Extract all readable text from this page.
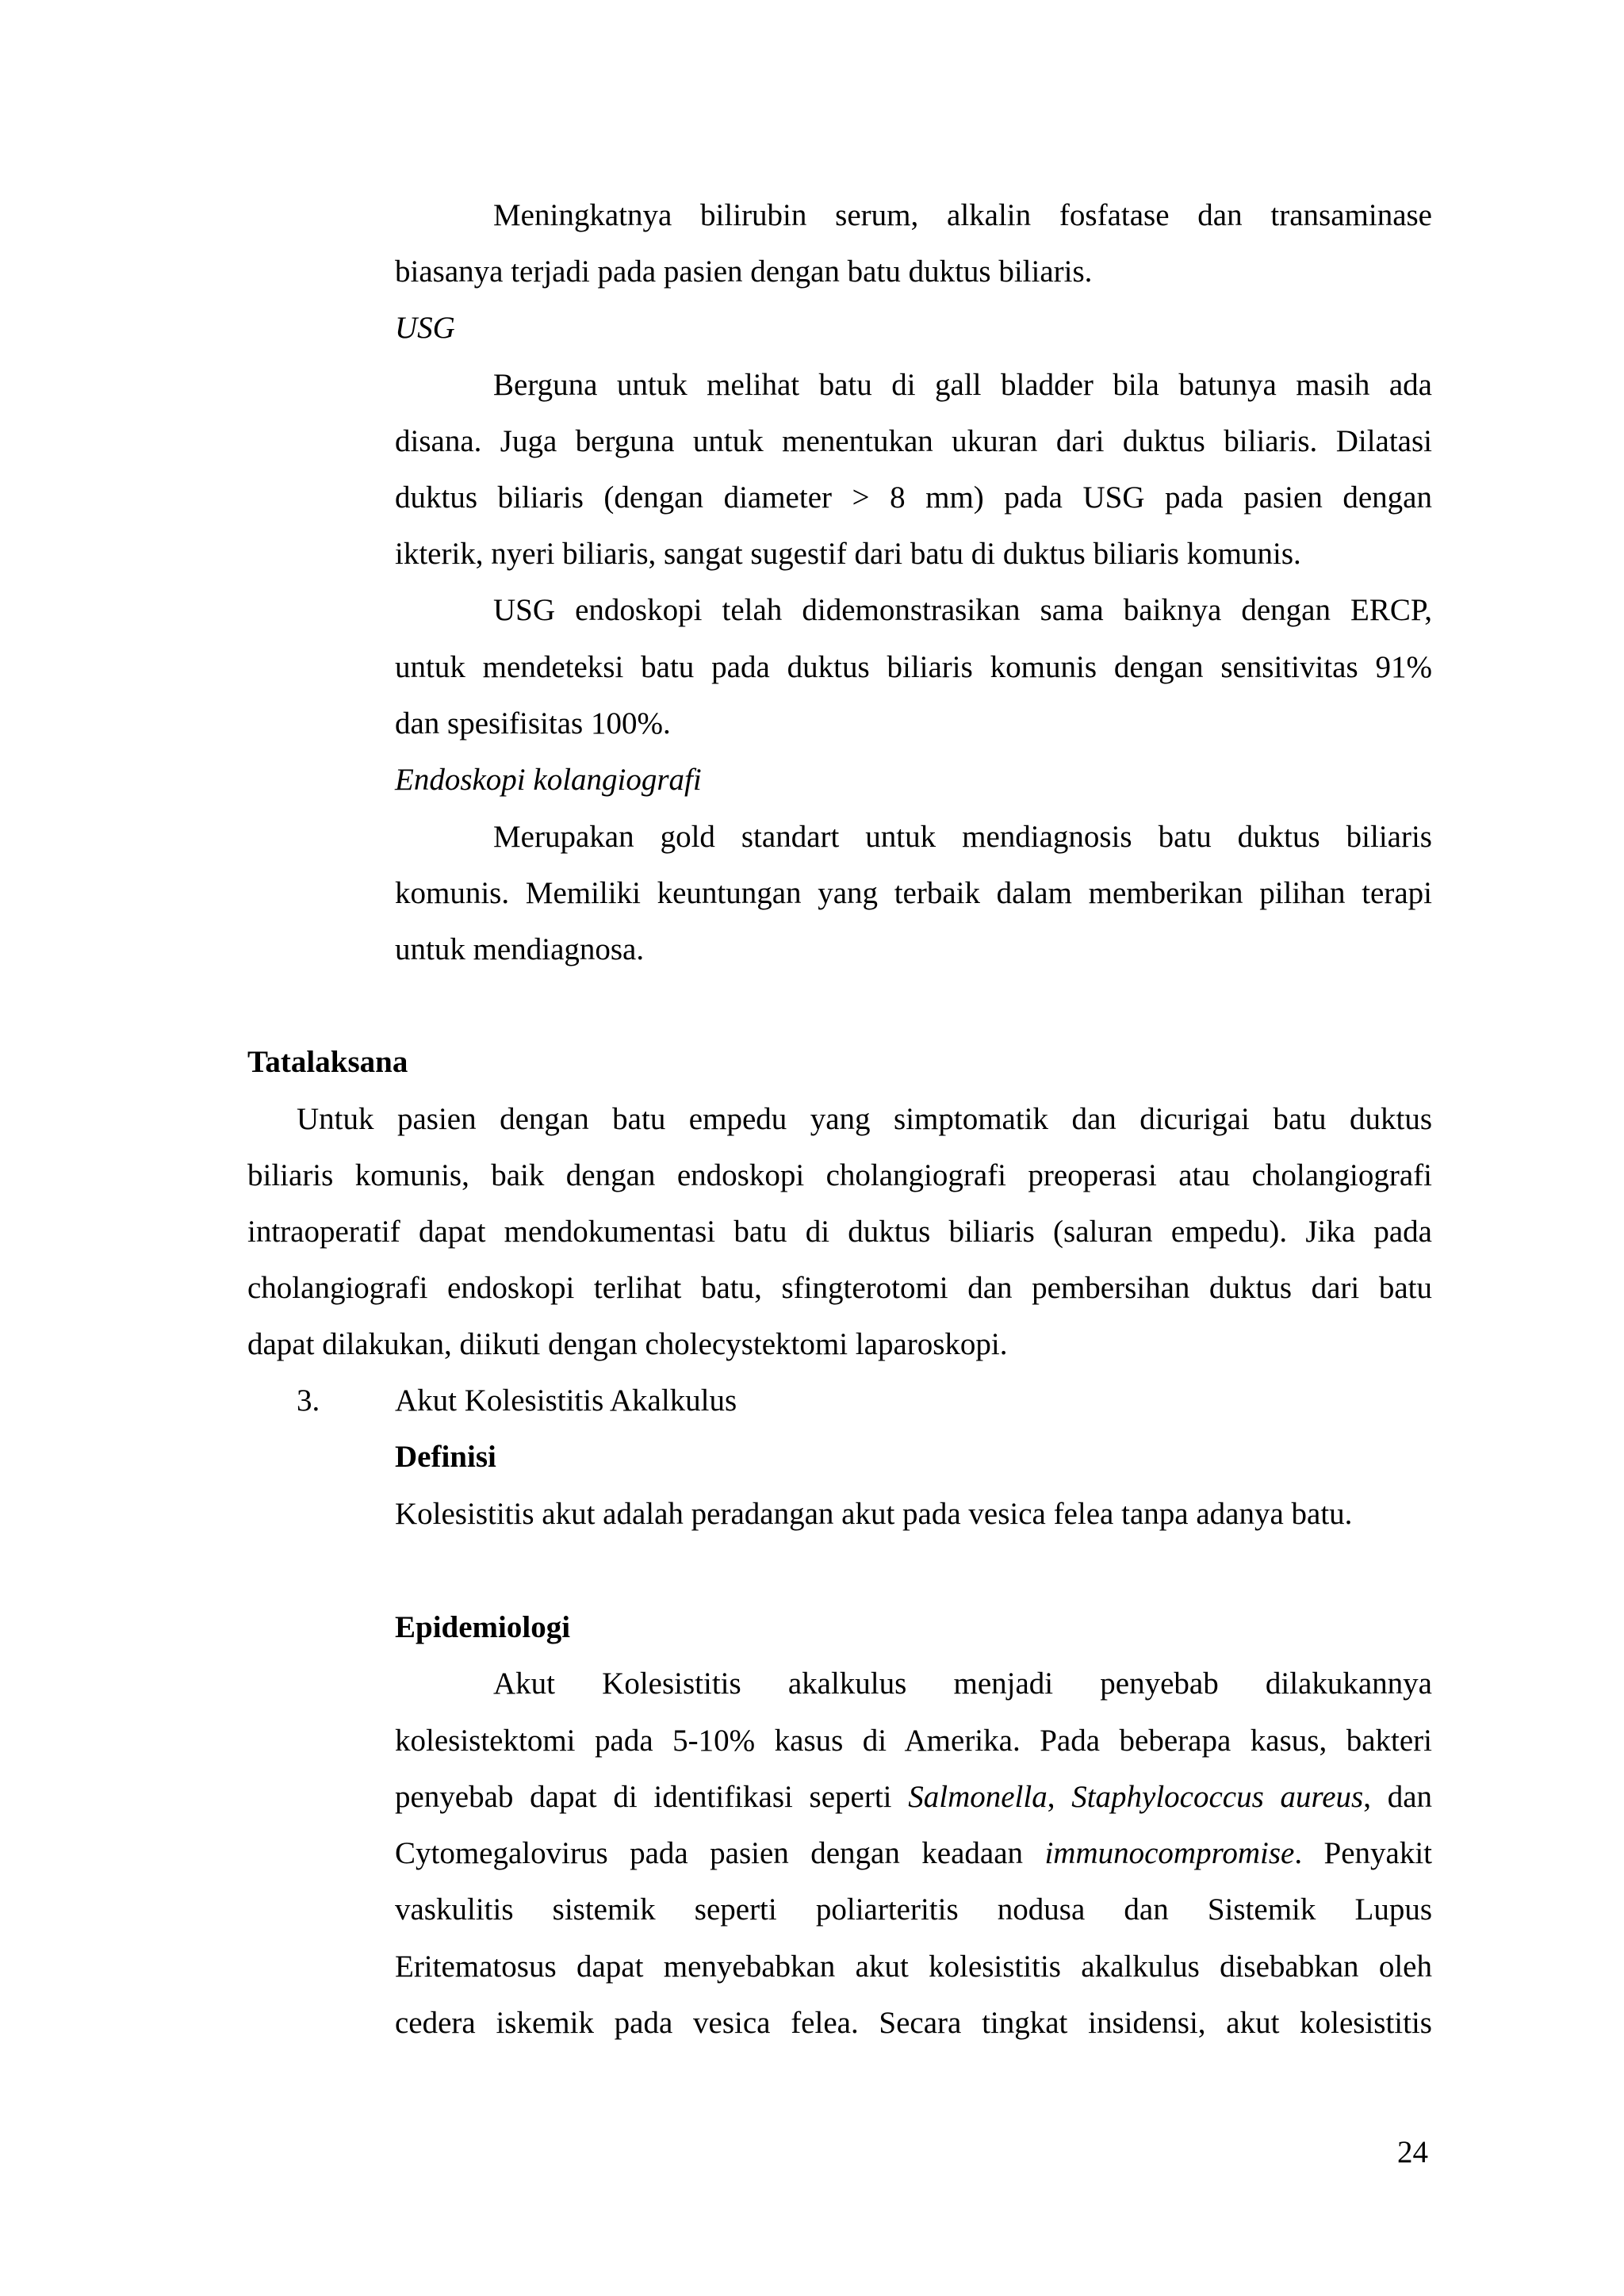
Meningkatnya bilirubin serum, alkalin fosfatase dan transaminase
biasanya terjadi pada pasien dengan batu duktus biliaris.
USG
Berguna untuk melihat batu di gall bladder bila batunya masih ada
disana. Juga berguna untuk menentukan ukuran dari duktus biliaris. Dilatasi
duktus biliaris (dengan diameter > 8 mm) pada USG pada pasien dengan
ikterik, nyeri biliaris, sangat sugestif dari batu di duktus biliaris komunis.
USG endoskopi telah didemonstrasikan sama baiknya dengan ERCP,
untuk mendeteksi batu pada duktus biliaris komunis dengan sensitivitas 91%
dan spesifisitas 100%.
Endoskopi kolangiografi
Merupakan gold standart untuk mendiagnosis batu duktus biliaris
komunis. Memiliki keuntungan yang terbaik dalam memberikan pilihan terapi
untuk mendiagnosa.
Tatalaksana
Untuk pasien dengan batu empedu yang simptomatik dan dicurigai batu duktus
biliaris komunis, baik dengan endoskopi cholangiografi preoperasi atau cholangiografi
intraoperatif dapat mendokumentasi batu di duktus biliaris (saluran empedu). Jika pada
cholangiografi endoskopi terlihat batu, sfingterotomi dan pembersihan duktus dari batu
dapat dilakukan, diikuti dengan cholecystektomi laparoskopi.
3. Akut Kolesistitis Akalkulus
Definisi
Kolesistitis akut adalah peradangan akut pada vesica felea tanpa adanya batu.
Epidemiologi
Akut Kolesistitis akalkulus menjadi penyebab dilakukannya
kolesistektomi pada 5-10% kasus di Amerika. Pada beberapa kasus, bakteri
penyebab dapat di identifikasi seperti Salmonella, Staphylococcus aureus, dan
Cytomegalovirus pada pasien dengan keadaan immunocompromise. Penyakit
vaskulitis sistemik seperti poliarteritis nodusa dan Sistemik Lupus
Eritematosus dapat menyebabkan akut kolesistitis akalkulus disebabkan oleh
cedera iskemik pada vesica felea. Secara tingkat insidensi, akut kolesistitis
24
